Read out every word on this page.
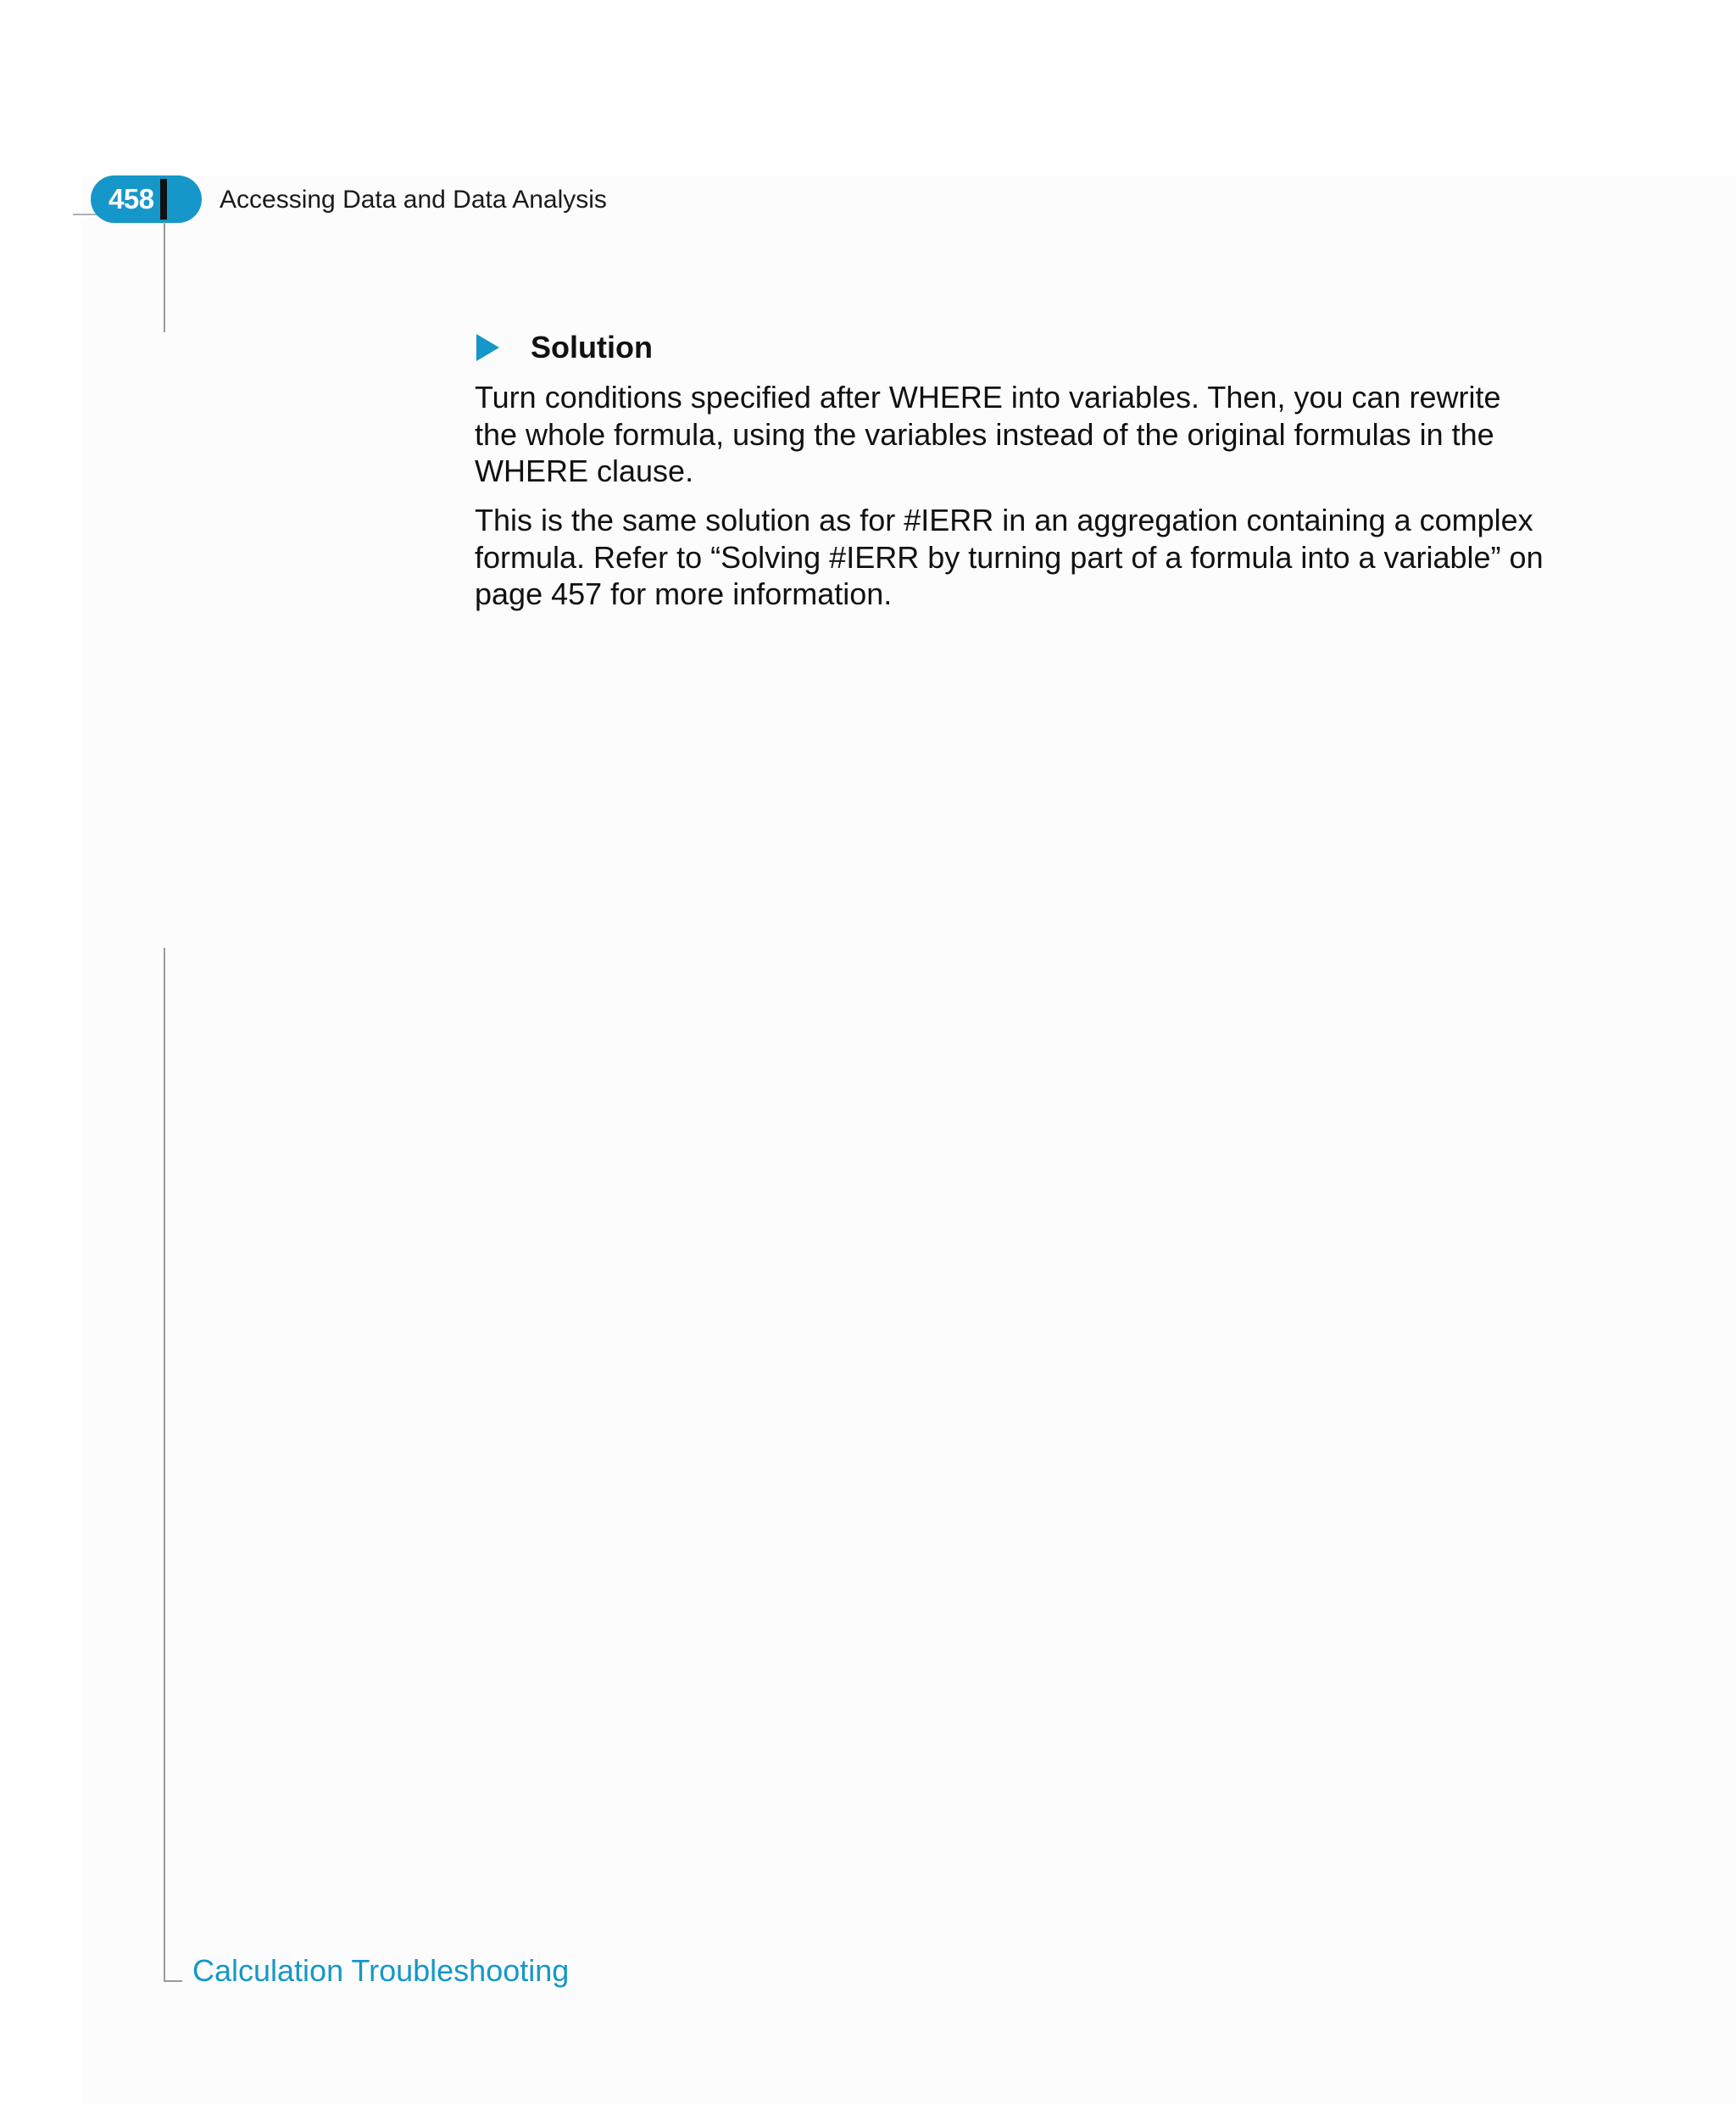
458	Accessing Data and Data Analysis
Solution

Turn conditions specified after WHERE into variables. Then, you can rewrite the whole formula, using the variables instead of the original formulas in the WHERE clause.

This is the same solution as for #IERR in an aggregation containing a complex formula. Refer to “Solving #IERR by turning part of a formula into a variable” on page 457 for more information.

Calculation Troubleshooting
